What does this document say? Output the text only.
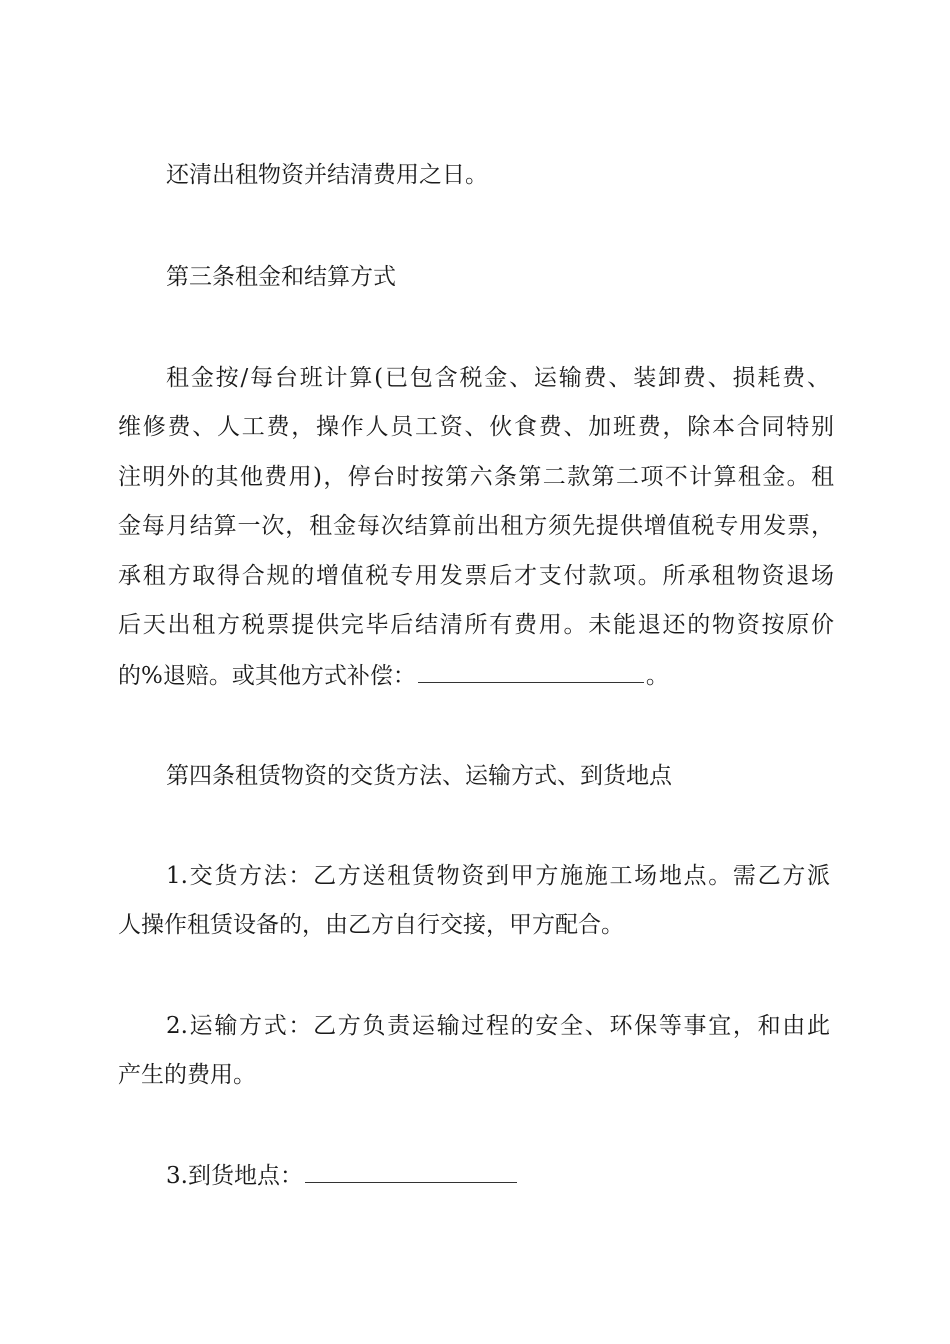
还清出租物资并结清费用之日。
第三条租金和结算方式
租金按/每台班计算(已包含税金、运输费、装卸费、损耗费、
维修费、人工费，操作人员工资、伙食费、加班费，除本合同特别
注明外的其他费用)，停台时按第六条第二款第二项不计算租金。租
金每月结算一次，租金每次结算前出租方须先提供增值税专用发票，
承租方取得合规的增值税专用发票后才支付款项。所承租物资退场
后天出租方税票提供完毕后结清所有费用。未能退还的物资按原价
的%退赔。或其他方式补偿：	。
第四条租赁物资的交货方法、运输方式、到货地点
1.交货方法：乙方送租赁物资到甲方施施工场地点。需乙方派
人操作租赁设备的，由乙方自行交接，甲方配合。
2.运输方式：乙方负责运输过程的安全、环保等事宜，和由此
产生的费用。
3.到货地点：
